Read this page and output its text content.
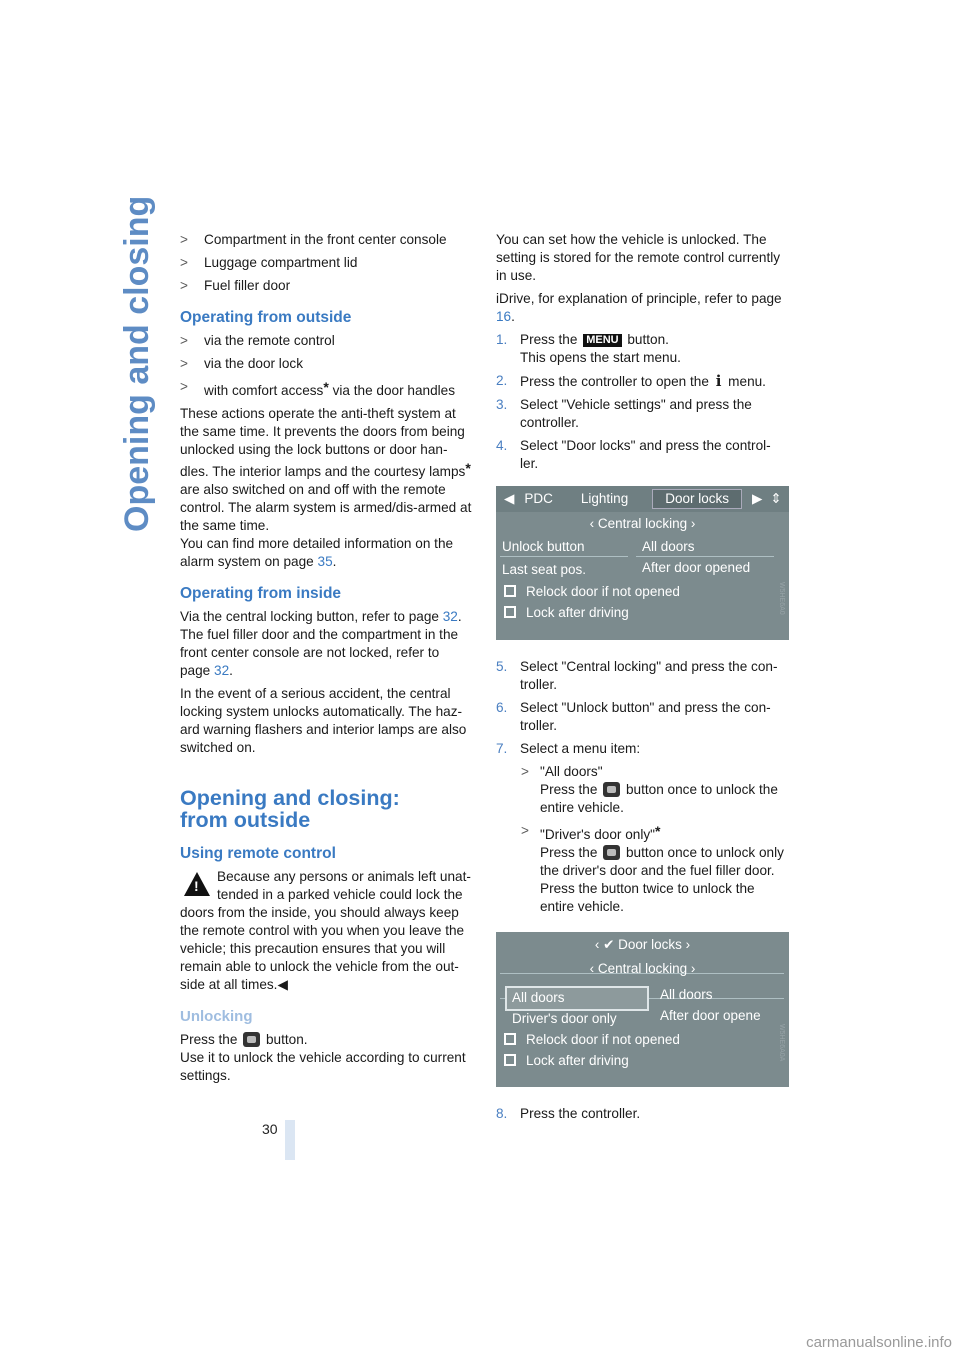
Opening and closing > Compartment in the front center console
> Luggage compartment lid
> Fuel filler door
Operating from outside
> via the remote control
> via the door lock
> with comfort access* via the door handles

These actions operate the anti-theft system at the same time. It prevents the doors from being unlocked using the lock buttons or door han-dles. The interior lamps and the courtesy lamps* are also switched on and off with the remote control. The alarm system is armed/dis-armed at the same time.
You can find more detailed information on the alarm system on page 35.

Operating from inside

Via the central locking button, refer to page 32. The fuel filler door and the compartment in the front center console are not locked, refer to page 32.

In the event of a serious accident, the central locking system unlocks automatically. The haz-ard warning flashers and interior lamps are also switched on.

Opening and closing:
from outside
Using remote control

!
Because any persons or animals left unat-tended in a parked vehicle could lock the
doors from the inside, you should always keep the remote control with you when you leave the vehicle; this precaution ensures that you will remain able to unlock the vehicle from the out-side at all times.◀

Unlocking

Press the  button.
Use it to unlock the vehicle according to current settings.

You can set how the vehicle is unlocked. The setting is stored for the remote control currently in use.

iDrive, for explanation of principle, refer to page 16.

1. Press the MENU button.
This opens the start menu.
2. Press the controller to open the i menu.
3. Select "Vehicle settings" and press the controller.
4. Select "Door locks" and press the control-ler.
◀ PDC Lighting	Door locks	▶ ⇕
‹ Central locking ›
Unlock button	All doors
Last seat pos.	After door opened
Relock door if not opened
Lock after driving	W5HE6A0
5. Select "Central locking" and press the con-troller.
6. Select "Unlock button" and press the con-troller.
7. Select a menu item:
> "All doors"
Press the  button once to unlock the entire vehicle.
> "Driver's door only"*
Press the  button once to unlock only the driver's door and the fuel filler door. Press the button twice to unlock the entire vehicle.
‹ ✔ Door locks ›
‹ Central locking ›
All doors	All doors
Driver's door only	After door opene
Relock door if not opened
Lock after driving	W5HE6A0A
8. Press the controller.
30
carmanualsonline.info
